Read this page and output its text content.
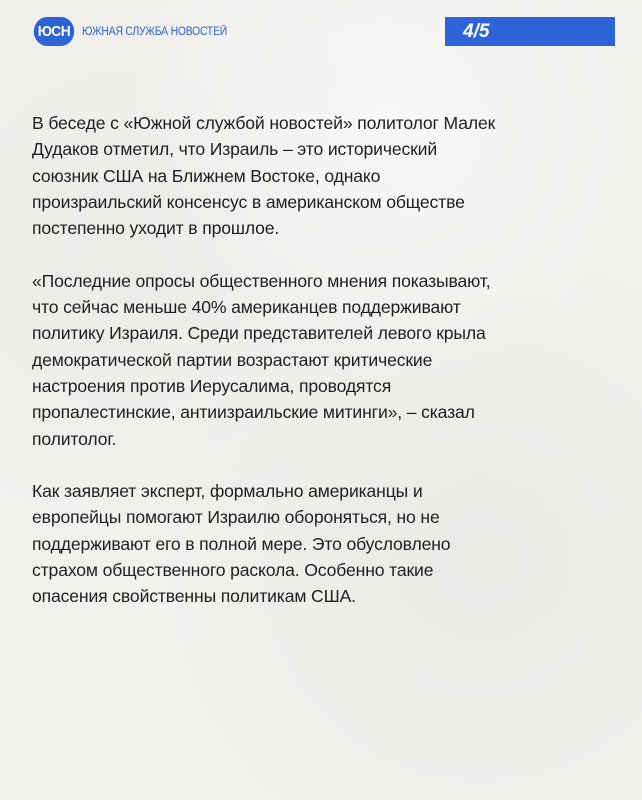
ЮСН	ЮЖНАЯ СЛУЖБА НОВОСТЕЙ	4/5

В беседе с «Южной службой новостей» политолог Малек
Дудаков отметил, что Израиль – это исторический
союзник США на Ближнем Востоке, однако
произраильский консенсус в американском обществе
постепенно уходит в прошлое.

«Последние опросы общественного мнения показывают,
что сейчас меньше 40% американцев поддерживают
политику Израиля. Среди представителей левого крыла
демократической партии возрастают критические
настроения против Иерусалима, проводятся
пропалестинские, антиизраильские митинги», – сказал
политолог.

Как заявляет эксперт, формально американцы и
европейцы помогают Израилю обороняться, но не
поддерживают его в полной мере. Это обусловлено
страхом общественного раскола. Особенно такие
опасения свойственны политикам США.
